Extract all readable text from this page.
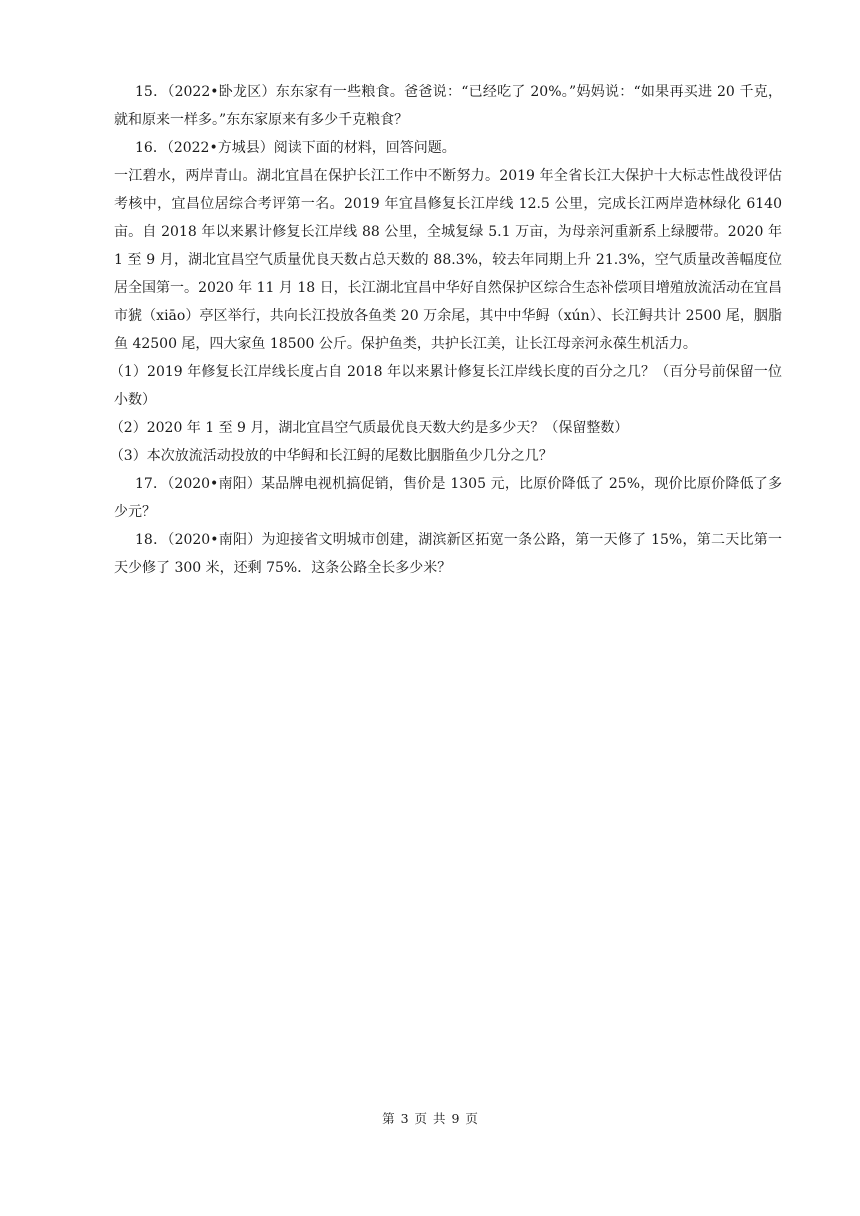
15．（2022•卧龙区）东东家有一些粮食。爸爸说：“已经吃了 20%。”妈妈说：“如果再买进 20 千克，就和原来一样多。”东东家原来有多少千克粮食？

16．（2022•方城县）阅读下面的材料，回答问题。

一江碧水，两岸青山。湖北宜昌在保护长江工作中不断努力。2019 年全省长江大保护十大标志性战役评估考核中，宜昌位居综合考评第一名。2019 年宜昌修复长江岸线 12.5 公里，完成长江两岸造林绿化 6140 亩。自 2018 年以来累计修复长江岸线 88 公里，全城复绿 5.1 万亩，为母亲河重新系上绿腰带。2020 年 1 至 9 月，湖北宜昌空气质量优良天数占总天数的 88.3%，较去年同期上升 21.3%，空气质量改善幅度位居全国第一。2020 年 11 月 18 日，长江湖北宜昌中华好自然保护区综合生态补偿项目增殖放流活动在宜昌市猇（xiāo）亭区举行，共向长江投放各鱼类 20 万余尾，其中中华鲟（xún）、长江鲟共计 2500 尾，胭脂鱼 42500 尾，四大家鱼 18500 公斤。保护鱼类，共护长江美，让长江母亲河永葆生机活力。

（1）2019 年修复长江岸线长度占自 2018 年以来累计修复长江岸线长度的百分之几？（百分号前保留一位小数）

（2）2020 年 1 至 9 月，湖北宜昌空气质最优良天数大约是多少天？（保留整数）

（3）本次放流活动投放的中华鲟和长江鲟的尾数比胭脂鱼少几分之几？

17．（2020•南阳）某品牌电视机搞促销，售价是 1305 元，比原价降低了 25%，现价比原价降低了多少元？

18．（2020•南阳）为迎接省文明城市创建，湖滨新区拓宽一条公路，第一天修了 15%，第二天比第一天少修了 300 米，还剩 75%．这条公路全长多少米？

第 3 页 共 9 页
